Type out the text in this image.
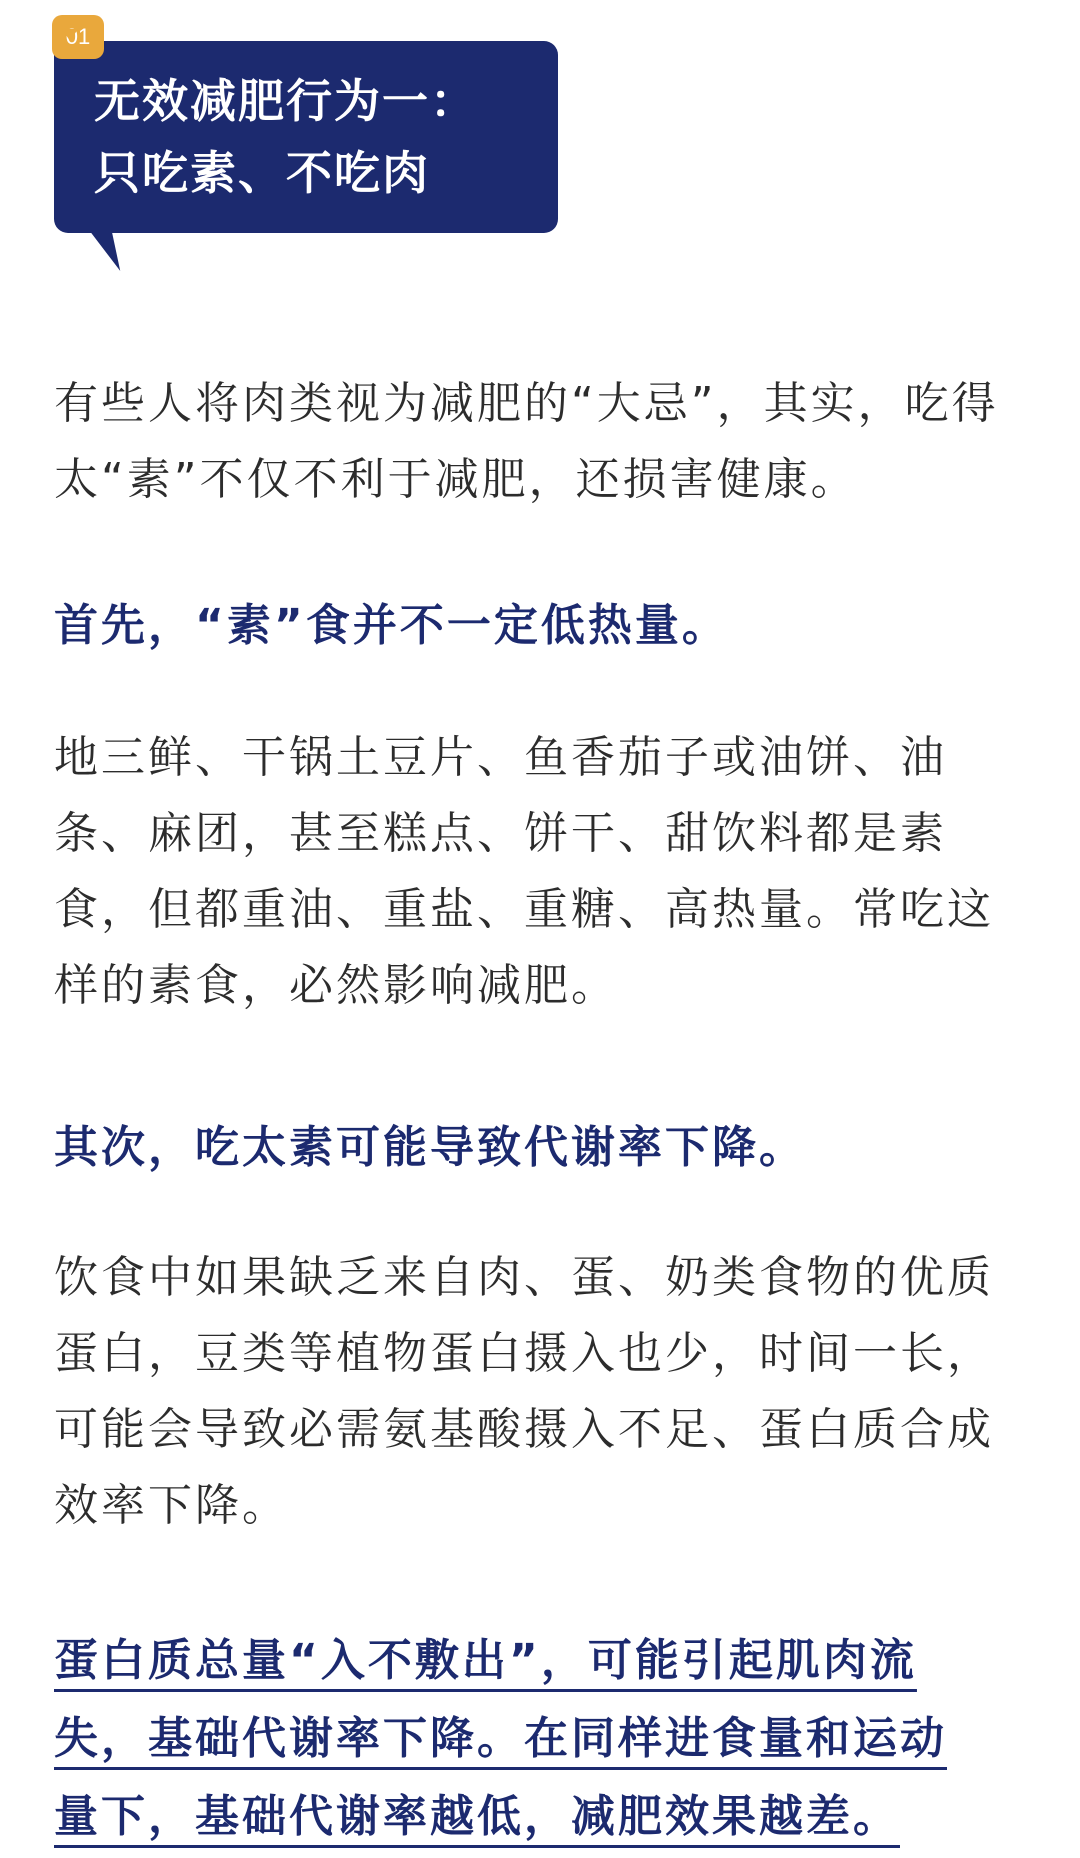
01
无效减肥行为一：
只吃素、不吃肉

有些人将肉类视为减肥的“大忌”，其实，吃得太“素”不仅不利于减肥，还损害健康。

首先，“素”食并不一定低热量。

地三鲜、干锅土豆片、鱼香茄子或油饼、油条、麻团，甚至糕点、饼干、甜饮料都是素食，但都重油、重盐、重糖、高热量。常吃这样的素食，必然影响减肥。

其次，吃太素可能导致代谢率下降。

饮食中如果缺乏来自肉、蛋、奶类食物的优质蛋白，豆类等植物蛋白摄入也少，时间一长，可能会导致必需氨基酸摄入不足、蛋白质合成效率下降。

蛋白质总量“入不敷出”，可能引起肌肉流
失，基础代谢率下降。在同样进食量和运动
量下，基础代谢率越低，减肥效果越差。
